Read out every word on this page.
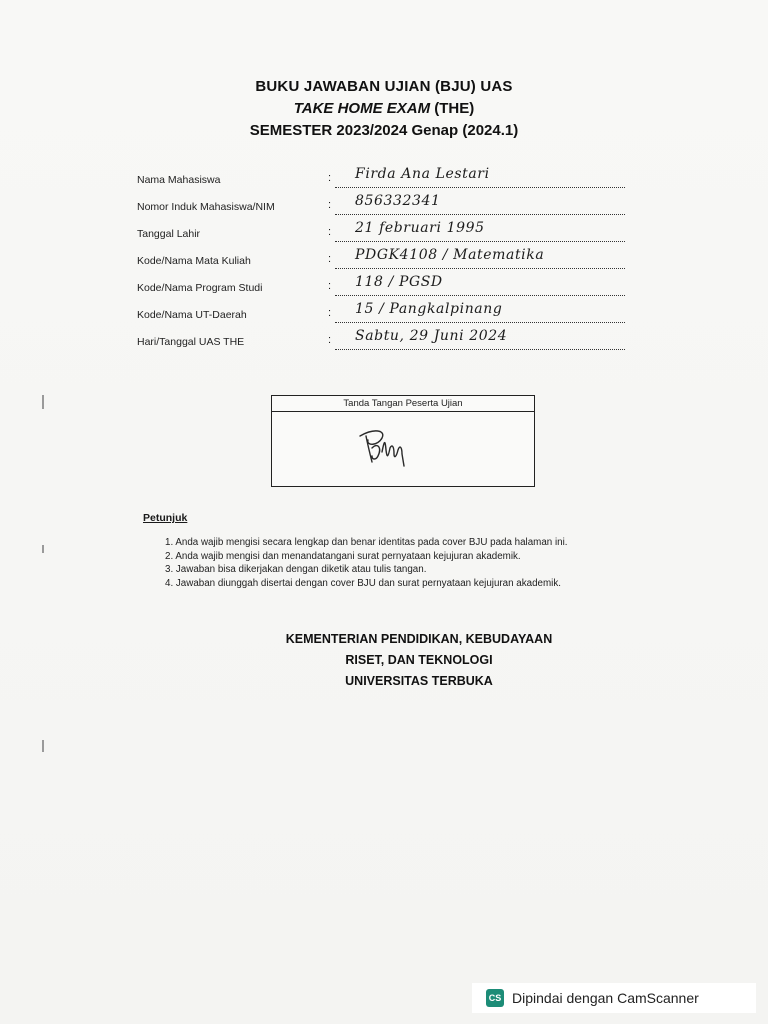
BUKU JAWABAN UJIAN (BJU) UAS
TAKE HOME EXAM (THE)
SEMESTER 2023/2024 Genap (2024.1)
Nama Mahasiswa	: Firda Ana Lestari
Nomor Induk Mahasiswa/NIM	: 856332341
Tanggal Lahir	: 21 februari 1995
Kode/Nama Mata Kuliah	: PDGK4108 / Matematika
Kode/Nama Program Studi	: 118 / PGSD
Kode/Nama UT-Daerah	: 15 / Pangkalpinang
Hari/Tanggal UAS THE	: Sabtu, 29 Juni 2024
Tanda Tangan Peserta Ujian
Petunjuk
1. Anda wajib mengisi secara lengkap dan benar identitas pada cover BJU pada halaman ini.
2. Anda wajib mengisi dan menandatangani surat pernyataan kejujuran akademik.
3. Jawaban bisa dikerjakan dengan diketik atau tulis tangan.
4. Jawaban diunggah disertai dengan cover BJU dan surat pernyataan kejujuran akademik.
KEMENTERIAN PENDIDIKAN, KEBUDAYAAN
RISET, DAN TEKNOLOGI
UNIVERSITAS TERBUKA
CS Dipindai dengan CamScanner
